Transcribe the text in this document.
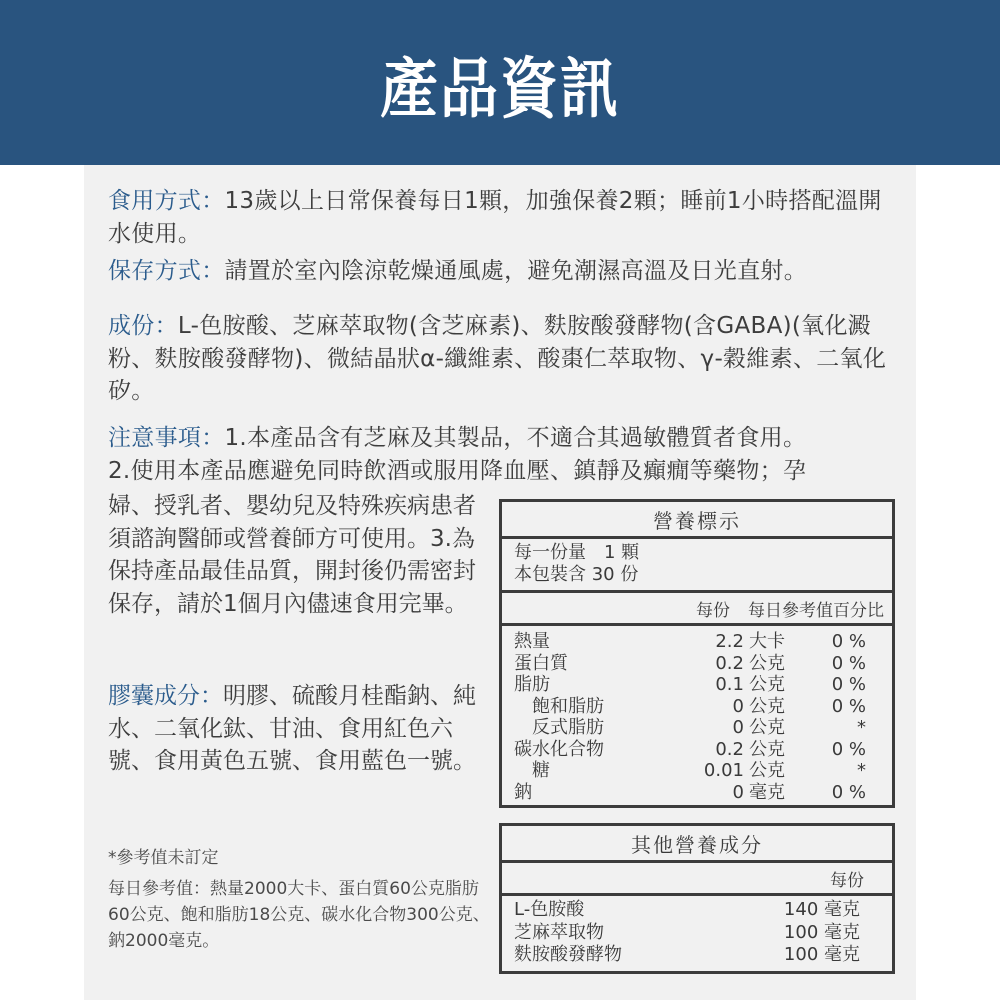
產品資訊
食用方式：13歲以上日常保養每日1顆，加強保養2顆；睡前1小時搭配溫開水使用。
保存方式：請置於室內陰涼乾燥通風處，避免潮濕高溫及日光直射。
成份：L-色胺酸、芝麻萃取物(含芝麻素)、麩胺酸發酵物(含GABA)(氧化澱粉、麩胺酸發酵物)、微結晶狀α-纖維素、酸棗仁萃取物、γ-穀維素、二氧化矽。
注意事項：1.本產品含有芝麻及其製品，不適合其過敏體質者食用。
2.使用本產品應避免同時飲酒或服用降血壓、鎮靜及癲癇等藥物；孕
婦、授乳者、嬰幼兒及特殊疾病患者須諮詢醫師或營養師方可使用。3.為保持產品最佳品質，開封後仍需密封保存，請於1個月內儘速食用完畢。
膠囊成分：明膠、硫酸月桂酯鈉、純水、二氧化鈦、甘油、食用紅色六號、食用黃色五號、食用藍色一號。
*參考值未訂定
每日參考值：熱量2000大卡、蛋白質60公克脂肪60公克、飽和脂肪18公克、碳水化合物300公克、鈉2000毫克。
營養標示
每一份量　1 顆
本包裝含 30 份
每份 每日參考值百分比
熱量	2.2 大卡	0 %
蛋白質	0.2 公克	0 %
脂肪	0.1 公克	0 %
飽和脂肪	0 公克	0 %
反式脂肪	0 公克	*
碳水化合物	0.2 公克	0 %
糖	0.01 公克	*
鈉	0 毫克	0 %
其他營養成分
每份
L-色胺酸	140 毫克
芝麻萃取物	100 毫克
麩胺酸發酵物	100 毫克
